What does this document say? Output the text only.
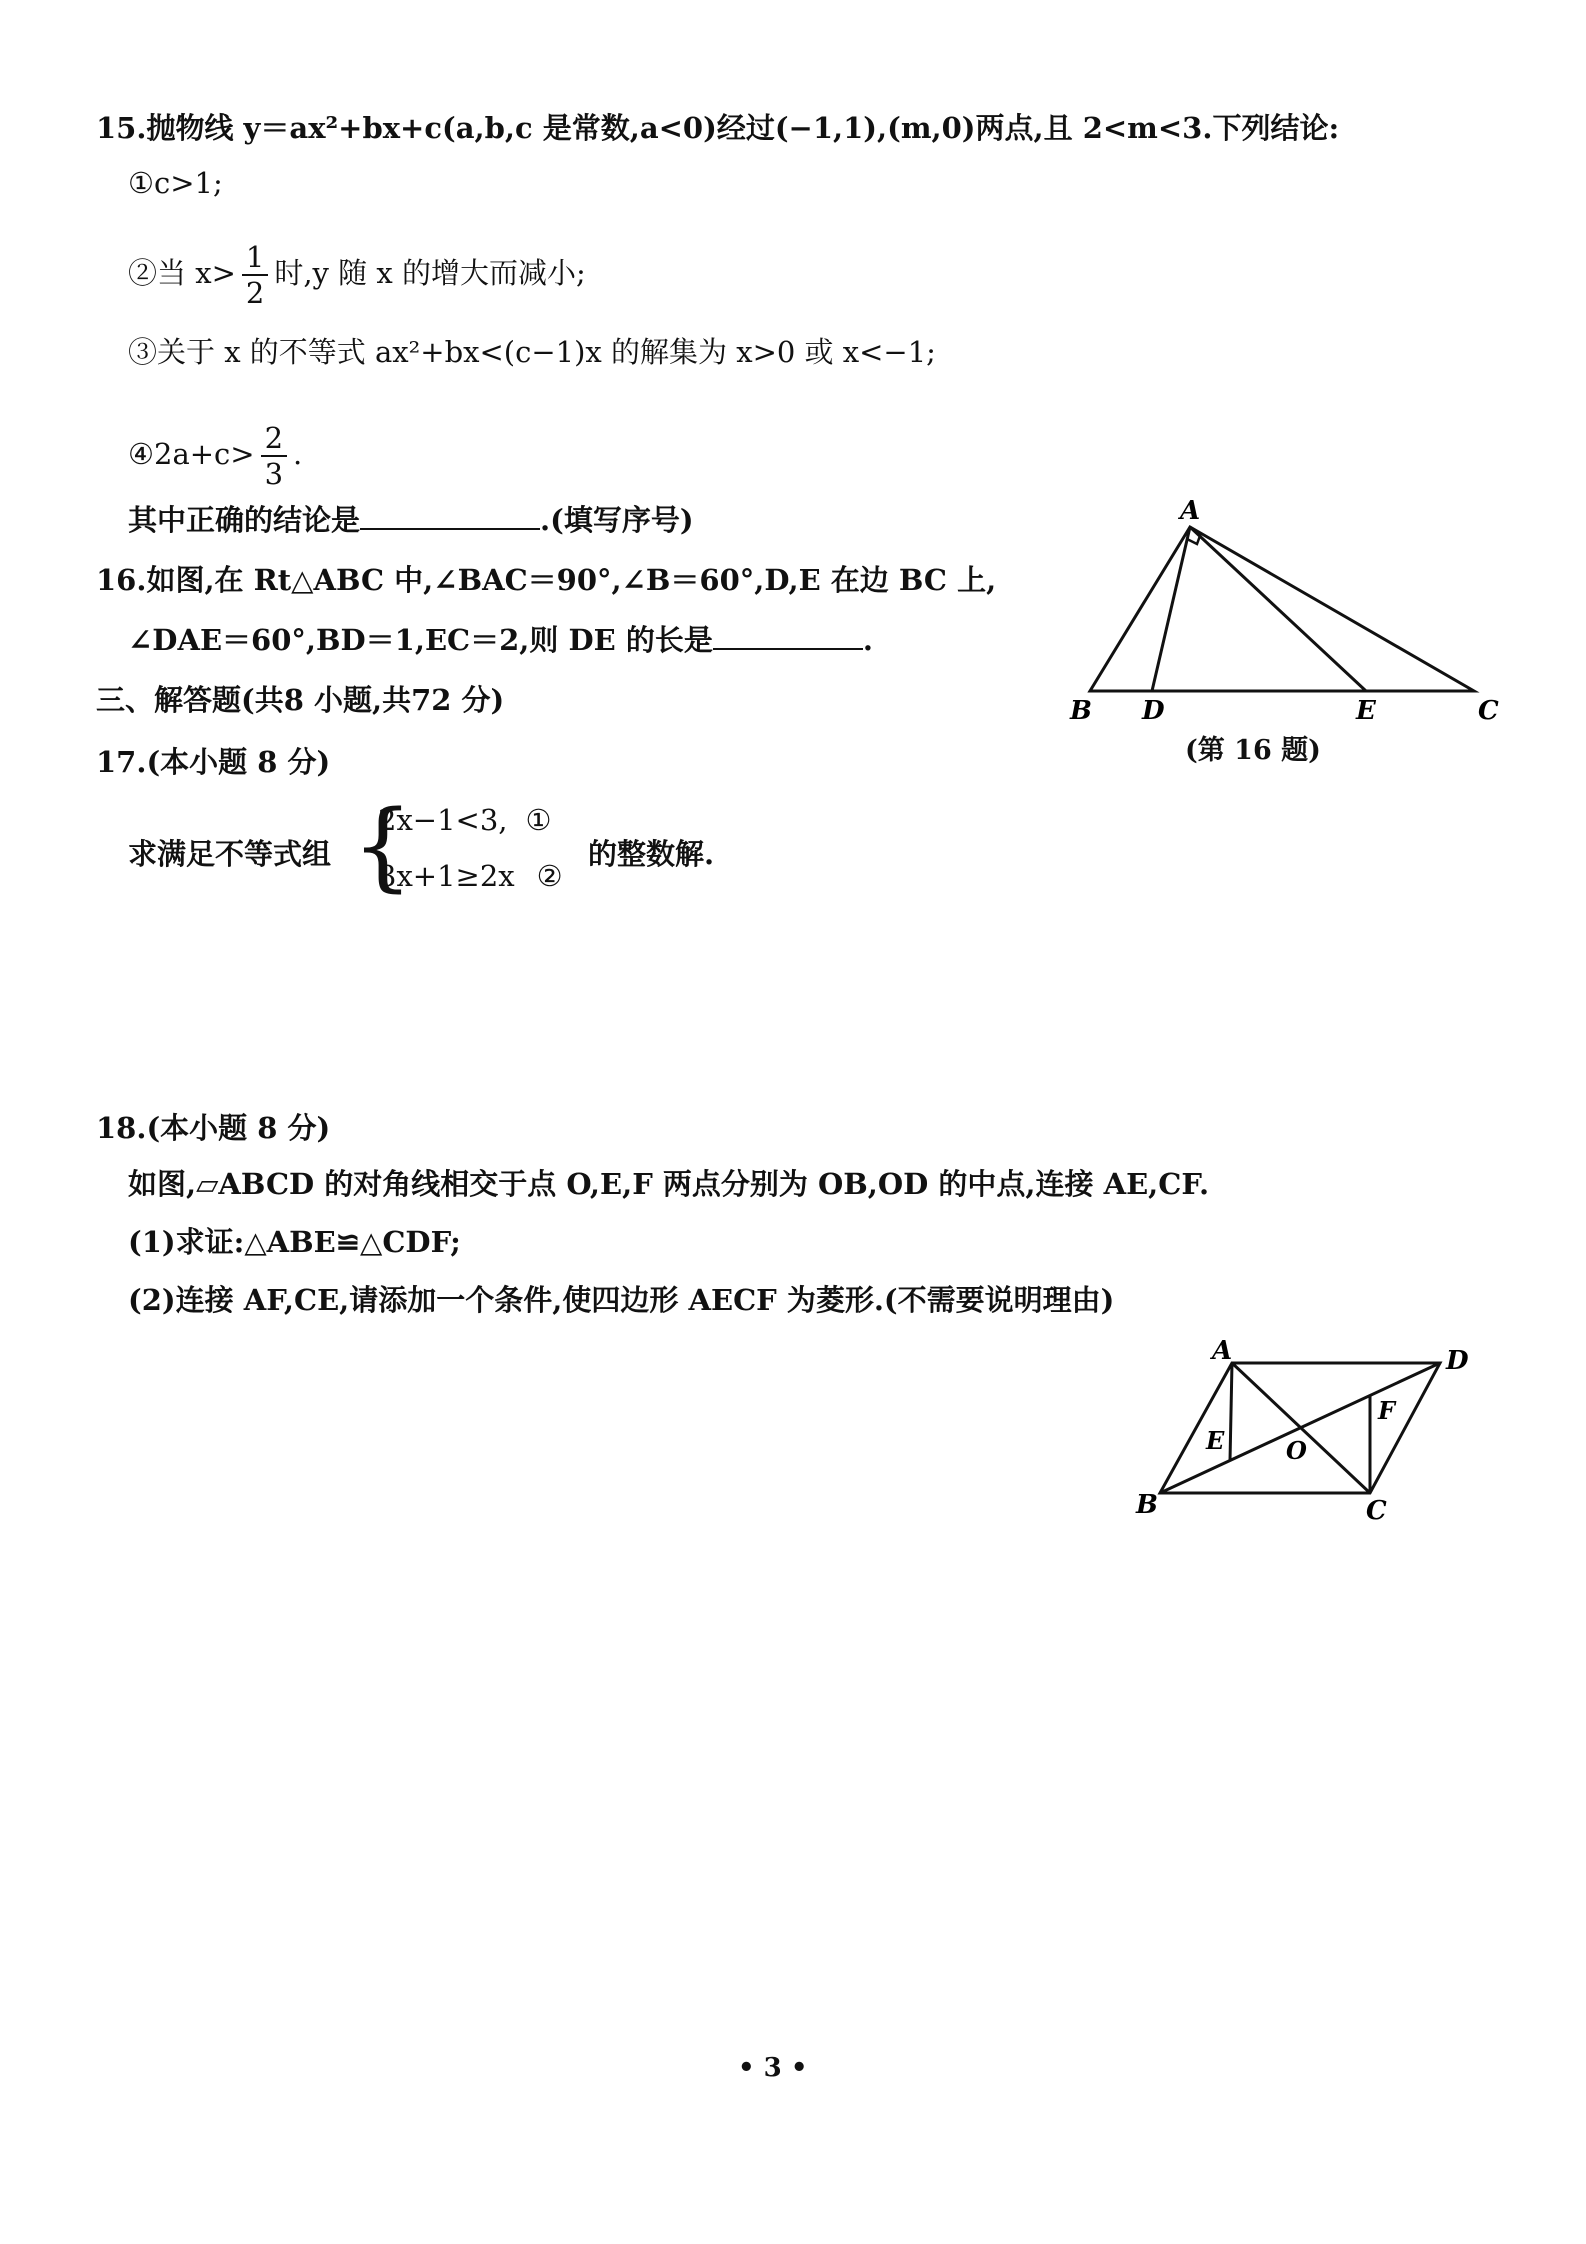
15.抛物线 y＝ax²+bx+c(a,b,c 是常数,a<0)经过(−1,1),(m,0)两点,且 2<m<3.下列结论:
①c>1;
②当 $x> \frac{1}{2}$ 时,y 随 x 的增大而减小;
③关于 x 的不等式 ax²+bx<(c−1)x 的解集为 x>0 或 x<−1;
④2a+c> $\frac{2}{3}$ .
其中正确的结论是	.(填写序号)
16.如图,在 Rt△ABC 中,∠BAC＝90°,∠B＝60°,D,E 在边 BC 上,
∠DAE＝60°,BD＝1,EC＝2,则 DE 的长是	.
A
B D	E	C
(第 16 题)
三、解答题(共8 小题,共72 分)
17.(本小题 8 分)
求满足不等式组 {
2x−1<3, ①
3x+1≥2x ②
的整数解.
18.(本小题 8 分)
如图,▱ABCD 的对角线相交于点 O,E,F 两点分别为 OB,OD 的中点,连接 AE,CF.
(1)求证:△ABE≌△CDF;
(2)连接 AF,CE,请添加一个条件,使四边形 AECF 为菱形.(不需要说明理由)
A	D
B	C
E
F
O
• 3 •
